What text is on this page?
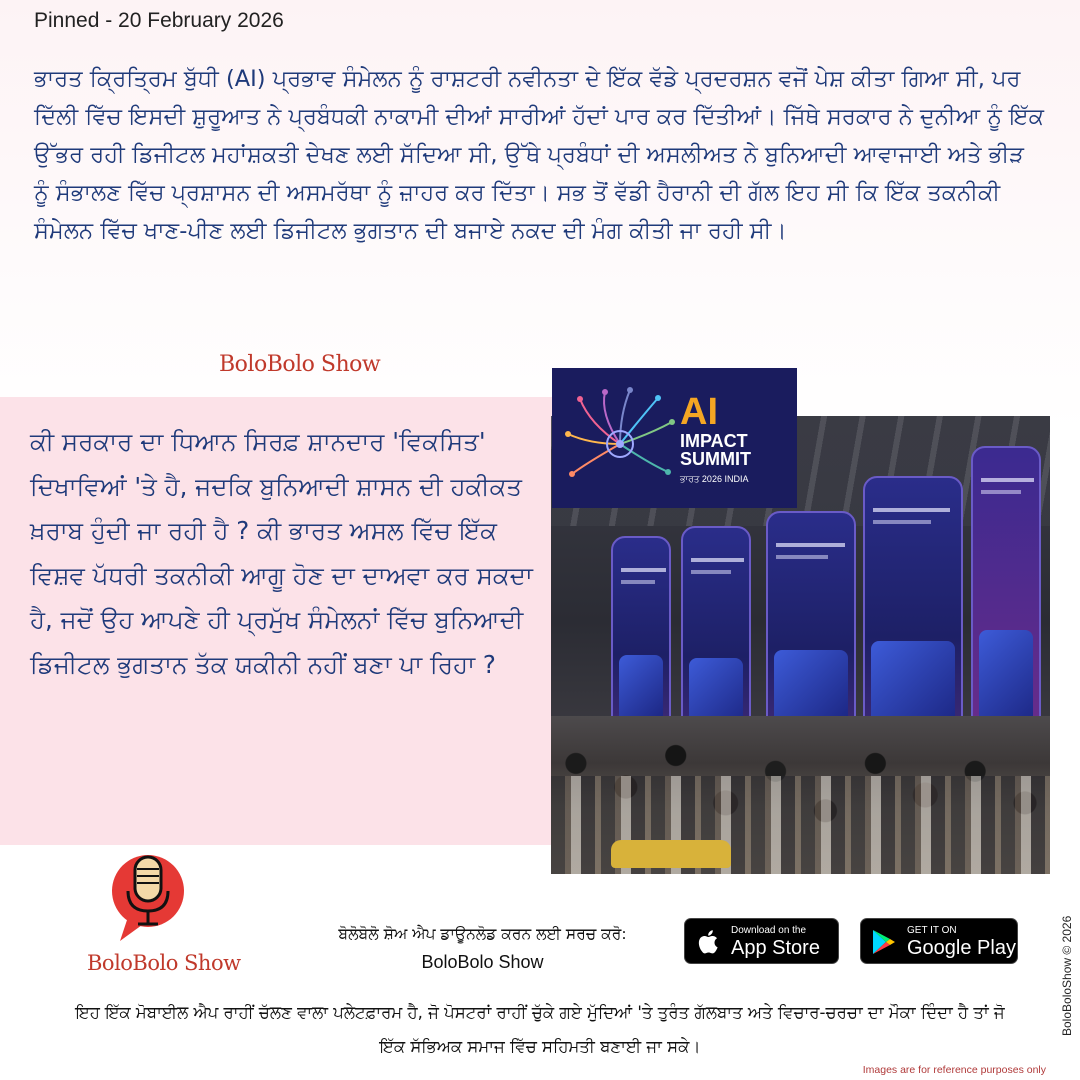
Pinned - 20 February 2026
ਭਾਰਤ ਕ੍ਰਿਤ੍ਰਿਮ ਬੁੱਧੀ (AI) ਪ੍ਰਭਾਵ ਸੰਮੇਲਨ ਨੂੰ ਰਾਸ਼ਟਰੀ ਨਵੀਨਤਾ ਦੇ ਇੱਕ ਵੱਡੇ ਪ੍ਰਦਰਸ਼ਨ ਵਜੋਂ ਪੇਸ਼ ਕੀਤਾ ਗਿਆ ਸੀ, ਪਰ ਦਿੱਲੀ ਵਿੱਚ ਇਸਦੀ ਸ਼ੁਰੂਆਤ ਨੇ ਪ੍ਰਬੰਧਕੀ ਨਾਕਾਮੀ ਦੀਆਂ ਸਾਰੀਆਂ ਹੱਦਾਂ ਪਾਰ ਕਰ ਦਿੱਤੀਆਂ। ਜਿੱਥੇ ਸਰਕਾਰ ਨੇ ਦੁਨੀਆ ਨੂੰ ਇੱਕ ਉੱਭਰ ਰਹੀ ਡਿਜੀਟਲ ਮਹਾਂਸ਼ਕਤੀ ਦੇਖਣ ਲਈ ਸੱਦਿਆ ਸੀ, ਉੱਥੇ ਪ੍ਰਬੰਧਾਂ ਦੀ ਅਸਲੀਅਤ ਨੇ ਬੁਨਿਆਦੀ ਆਵਾਜਾਈ ਅਤੇ ਭੀੜ ਨੂੰ ਸੰਭਾਲਣ ਵਿੱਚ ਪ੍ਰਸ਼ਾਸਨ ਦੀ ਅਸਮਰੱਥਾ ਨੂੰ ਜ਼ਾਹਰ ਕਰ ਦਿੱਤਾ। ਸਭ ਤੋਂ ਵੱਡੀ ਹੈਰਾਨੀ ਦੀ ਗੱਲ ਇਹ ਸੀ ਕਿ ਇੱਕ ਤਕਨੀਕੀ ਸੰਮੇਲਨ ਵਿੱਚ ਖਾਣ-ਪੀਣ ਲਈ ਡਿਜੀਟਲ ਭੁਗਤਾਨ ਦੀ ਬਜਾਏ ਨਕਦ ਦੀ ਮੰਗ ਕੀਤੀ ਜਾ ਰਹੀ ਸੀ।
BoloBolo Show
ਕੀ ਸਰਕਾਰ ਦਾ ਧਿਆਨ ਸਿਰਫ਼ ਸ਼ਾਨਦਾਰ 'ਵਿਕਸਿਤ' ਦਿਖਾਵਿਆਂ 'ਤੇ ਹੈ, ਜਦਕਿ ਬੁਨਿਆਦੀ ਸ਼ਾਸਨ ਦੀ ਹਕੀਕਤ ਖ਼ਰਾਬ ਹੁੰਦੀ ਜਾ ਰਹੀ ਹੈ ? ਕੀ ਭਾਰਤ ਅਸਲ ਵਿੱਚ ਇੱਕ ਵਿਸ਼ਵ ਪੱਧਰੀ ਤਕਨੀਕੀ ਆਗੂ ਹੋਣ ਦਾ ਦਾਅਵਾ ਕਰ ਸਕਦਾ ਹੈ, ਜਦੋਂ ਉਹ ਆਪਣੇ ਹੀ ਪ੍ਰਮੁੱਖ ਸੰਮੇਲਨਾਂ ਵਿੱਚ ਬੁਨਿਆਦੀ ਡਿਜੀਟਲ ਭੁਗਤਾਨ ਤੱਕ ਯਕੀਨੀ ਨਹੀਂ ਬਣਾ ਪਾ ਰਿਹਾ ?
AI
IMPACT
SUMMIT
ਭਾਰਤ 2026 INDIA
BoloBolo Show
ਬੋਲੋਬੋਲੋ ਸ਼ੋਅ ਐਪ ਡਾਊਨਲੋਡ ਕਰਨ ਲਈ ਸਰਚ ਕਰੋ:
BoloBolo Show
Download on the
App Store
GET IT ON
Google Play
ਇਹ ਇੱਕ ਮੋਬਾਈਲ ਐਪ ਰਾਹੀਂ ਚੱਲਣ ਵਾਲਾ ਪਲੇਟਫ਼ਾਰਮ ਹੈ, ਜੋ ਪੋਸਟਰਾਂ ਰਾਹੀਂ ਚੁੱਕੇ ਗਏ ਮੁੱਦਿਆਂ 'ਤੇ ਤੁਰੰਤ ਗੱਲਬਾਤ ਅਤੇ ਵਿਚਾਰ-ਚਰਚਾ ਦਾ ਮੌਕਾ ਦਿੰਦਾ ਹੈ ਤਾਂ ਜੋ ਇੱਕ ਸੱਭਿਅਕ ਸਮਾਜ ਵਿੱਚ ਸਹਿਮਤੀ ਬਣਾਈ ਜਾ ਸਕੇ।
BoloBoloShow © 2026
Images are for reference purposes only
